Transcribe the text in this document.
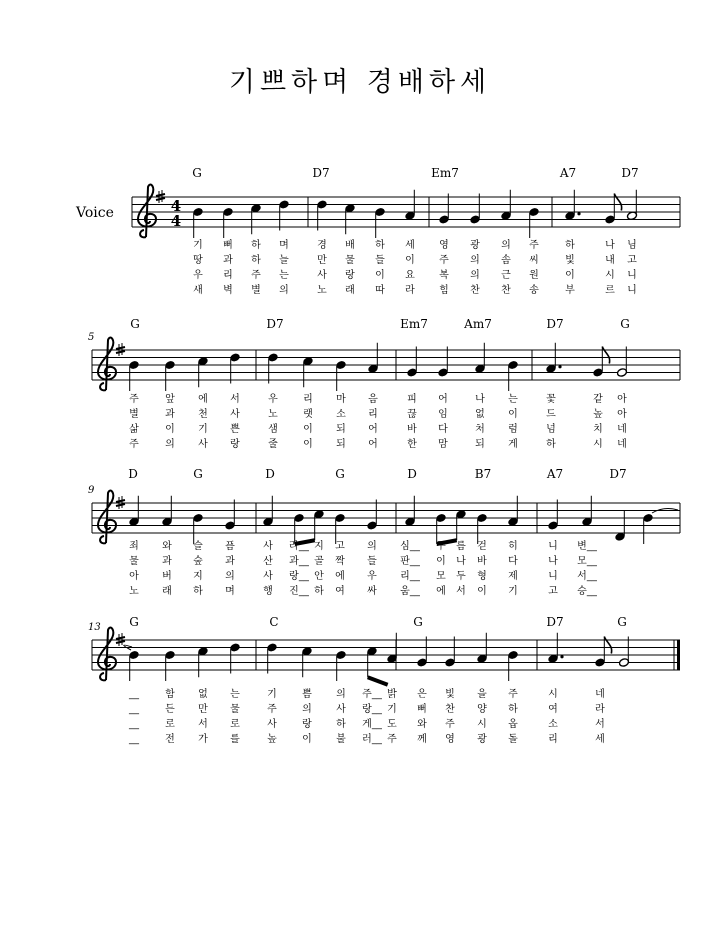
기쁘하며 경배하세
Voice	4
4
G	D7	Em7	A7	D7
기 뻐 하 며	경 배 하 세 영 광 의 주	하	나 님
땅 과 하 늘	만 물 들 이 주 의 솜 씨	빛	내 고
우 리 주 는	사 랑 이 요 복 의 근 원	이	시 니
새 벽 별 의	노 래 따 라 힘 찬 찬 송	부	르 니
5
G	D7	Em7	Am7	D7	G
주	앞 에 서	우	리 마 음	피 어	나 는	꽃	같 아
별	과 천 사	노	랫 소 리	끊 임	없 이	드	높 아
삶	이 기 쁜	샘	이 되 어	바 다	처 럼	넘	치 네
주	의 사 랑	줄	이 되 어	한 맘	되 게	하	시 네
9
D	G	D	G	D	B7	A7	D7
죄 와 슬 픔	사 라__ 지 고 의 심__ 구 름 걷 히	니 변__
물 과 숲 과	산 과__ 골 짝 들 판__ 이 나 바 다	나 모__
아 버 지 의	사 랑__ 안 에 우 리__ 모 두 형 제	니 서__
노 래 하 며	행 진__ 하 여 싸 움__ 에 서 이 기	고 승__
13 G	C	G	D7	G
__	함 없 는	기	쁨 의 주__ 밝 은 빛 을 주	시	네
__	든 만 물	주	의 사 랑__ 기 뻐 찬 양 하	여	라
__	로 서 로	사	랑 하 게__ 도 와 주 시 옵	소	서
__	전 가 를	높	이 불 러__ 주 께 영 광 돌	리	세
